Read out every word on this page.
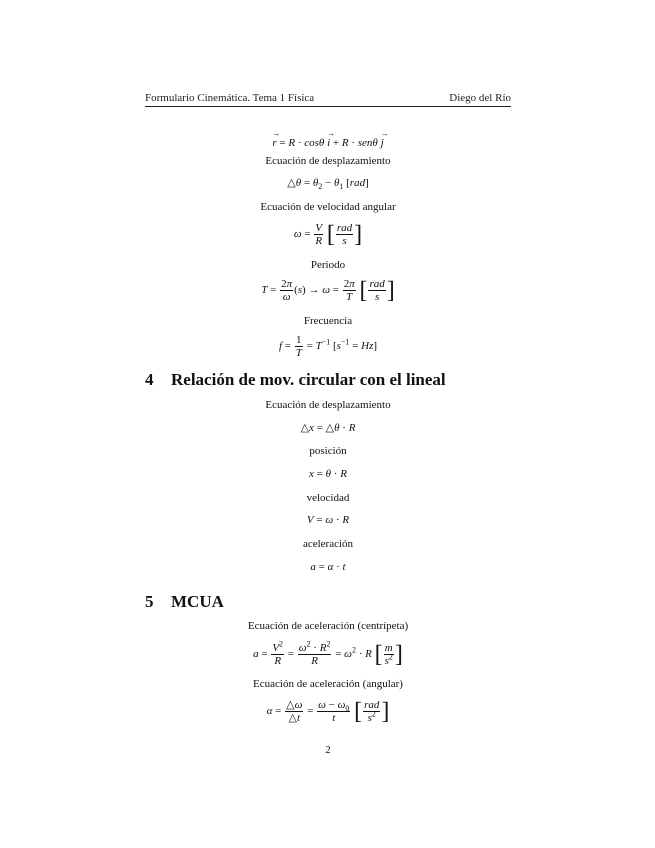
Formulario Cinemática. Tema 1 Física	Diego del Río
r → = R · cosθ i → + R · senθ j →
Ecuación de desplazamiento
△θ = $\theta_2 - \theta_1$ [rad]
Ecuación de velocidad angular
$\omega = \frac{V}{R}$ [ $\frac{\text{rad}}{s}$ ]
Periodo
$T = \frac{2\pi}{\omega} (s) \to \omega = \frac{2\pi}{T}$ [ $\frac{\text{rad}}{s}$ ]
Frecuencia
$f = \frac{1}{T} = T^{-1}$ $[s^{-1} = Hz]$
4 Relación de mov. circular con el lineal
Ecuación de desplazamiento
△x = △θ · R
posición
x = θ · R
velocidad
V = ω · R
aceleración
a = α · t
5 MCUA
Ecuación de aceleración (centrípeta)
$a = \frac{V^2}{R} = \frac{\omega^2 \cdot R^2}{R} = \omega^2 \cdot R$ [ $\frac{m}{s^2}$ ]
Ecuación de aceleración (angular)
$\alpha = \frac{\triangle\omega}{\triangle t} = \frac{\omega - \omega_0}{t}$ [ $\frac{\text{rad}}{s^2}$ ]
2
